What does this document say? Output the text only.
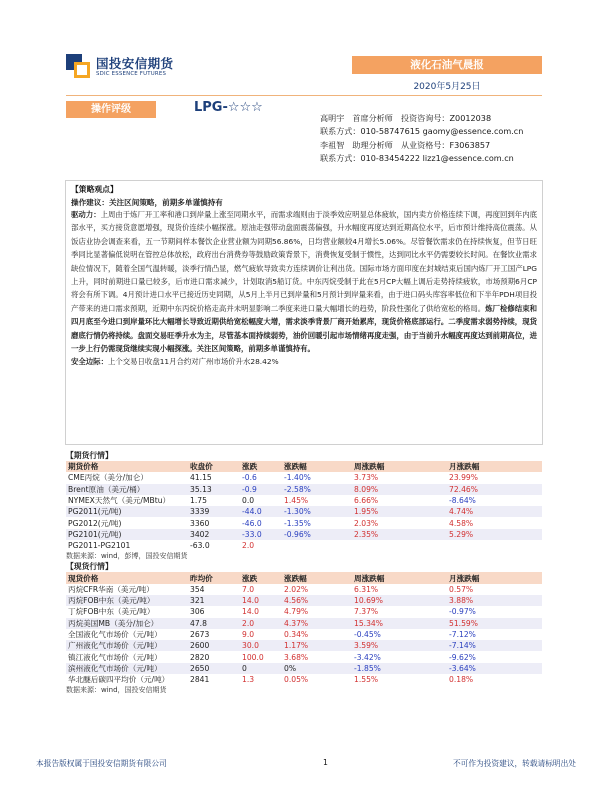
国投安信期货
SDIC ESSENCE FUTURES
液化石油气晨报
2020年5月25日
操作评级	LPG-☆☆☆
高明宇　首席分析师　投资咨询号：Z0012038
联系方式：010-58747615 gaomy@essence.com.cn
李祖智　助理分析师　从业资格号：F3063857
联系方式：010-83454222 lizz1@essence.com.cn
【策略观点】
操作建议：关注区间策略，前期多单谨慎持有
驱动力：上周由于炼厂开工率和港口到岸量上涨至同期水平，而需求端则由于淡季效应明显总体疲软，国内卖方价格连续下调，再度回到年内底部水平，买方接货意愿增强，现货价连续小幅探涨。原油走强带动盘面震荡偏强，升水幅度再度达到近期高位水平，后市预计维持高位震荡。从饭店业协会调查来看，五一节期间样本餐饮企业营业额为同期56.86%，日均营业额较4月增长5.06%。尽管餐饮需求仍在持续恢复，但节日旺季同比显著偏低说明在管控总体放松，政府出台消费券等鼓励政策背景下，消费恢复受制于惯性，达到同比水平仍需要较长时间。在餐饮业需求缺位情况下，随着全国气温转暖，淡季行情凸显，燃气疲软导致卖方连续调价让利出货。国际市场方面印度在封城结束后国内炼厂开工国产LPG上升，同时前期进口量已较多，后市进口需求减少，计划取消5船订货。中东丙烷受制于此在5月CP大幅上调后走势持续疲软，市场预期6月CP将会有所下调。4月预计进口水平已接近历史同期，从5月上半月已到岸量和5月预计到岸量来看，由于进口码头库容率低位和下半年PDH项目投产带来的进口需求预期，近期中东丙烷价格走高并未明显影响二季度来进口量大幅增长的趋势，阶段性强化了供给宽松的格局。炼厂检修结束和四月底至今进口到岸量环比大幅增长导致近期供给宽松幅度大增，需求淡季背景厂商开始累库，现货价格底部运行。二季度需求弱势持续，现货磨底行情仍将持续。盘面交易旺季升水为主，尽管基本面持续弱势，油价回暖引起市场情绪再度走强，由于当前升水幅度再度达到前期高位，进一步上行仍需现货继续实现小幅探涨。关注区间策略，前期多单谨慎持有。
安全边际：上个交易日收盘11月合约对广州市场价升水28.42%
【期货行情】
期货价格	收盘价	涨跌	涨跌幅	周涨跌幅	月涨跌幅
CME丙烷（美分/加仑）	41.15	-0.6	-1.40%	3.73%	23.99%
Brent原油（美元/桶）	35.13	-0.9	-2.58%	8.09%	72.46%
NYMEX天然气（美元/MBtu）	1.75	0.0	1.45%	6.66%	-8.64%
PG2011(元/吨)	3339	-44.0	-1.30%	1.95%	4.74%
PG2012(元/吨)	3360	-46.0	-1.35%	2.03%	4.58%
PG2101(元/吨)	3402	-33.0	-0.96%	2.35%	5.29%
PG2011-PG2101	-63.0	2.0			
数据来源：wind，彭博，国投安信期货
【现货行情】
现货价格	昨均价	涨跌	涨跌幅	周涨跌幅	月涨跌幅
丙烷CFR华南（美元/吨）	354	7.0	2.02%	6.31%	0.57%
丙烷FOB中东（美元/吨）	321	14.0	4.56%	10.69%	3.88%
丁烷FOB中东（美元/吨）	306	14.0	4.79%	7.37%	-0.97%
丙烷美国MB（美分/加仑）	47.8	2.0	4.37%	15.34%	51.59%
全国液化气市场价（元/吨）	2673	9.0	0.34%	-0.45%	-7.12%
广州液化气市场价（元/吨）	2600	30.0	1.17%	3.59%	-7.14%
镇江液化气市场价（元/吨）	2820	100.0	3.68%	-3.42%	-9.62%
滨州液化气市场价（元/吨）	2650	0	0%	-1.85%	-3.64%
华北醚后碳四平均价（元/吨）	2841	1.3	0.05%	1.55%	0.18%
数据来源：wind，国投安信期货
本报告版权属于国投安信期货有限公司	1	不可作为投资建议，转载请标明出处
